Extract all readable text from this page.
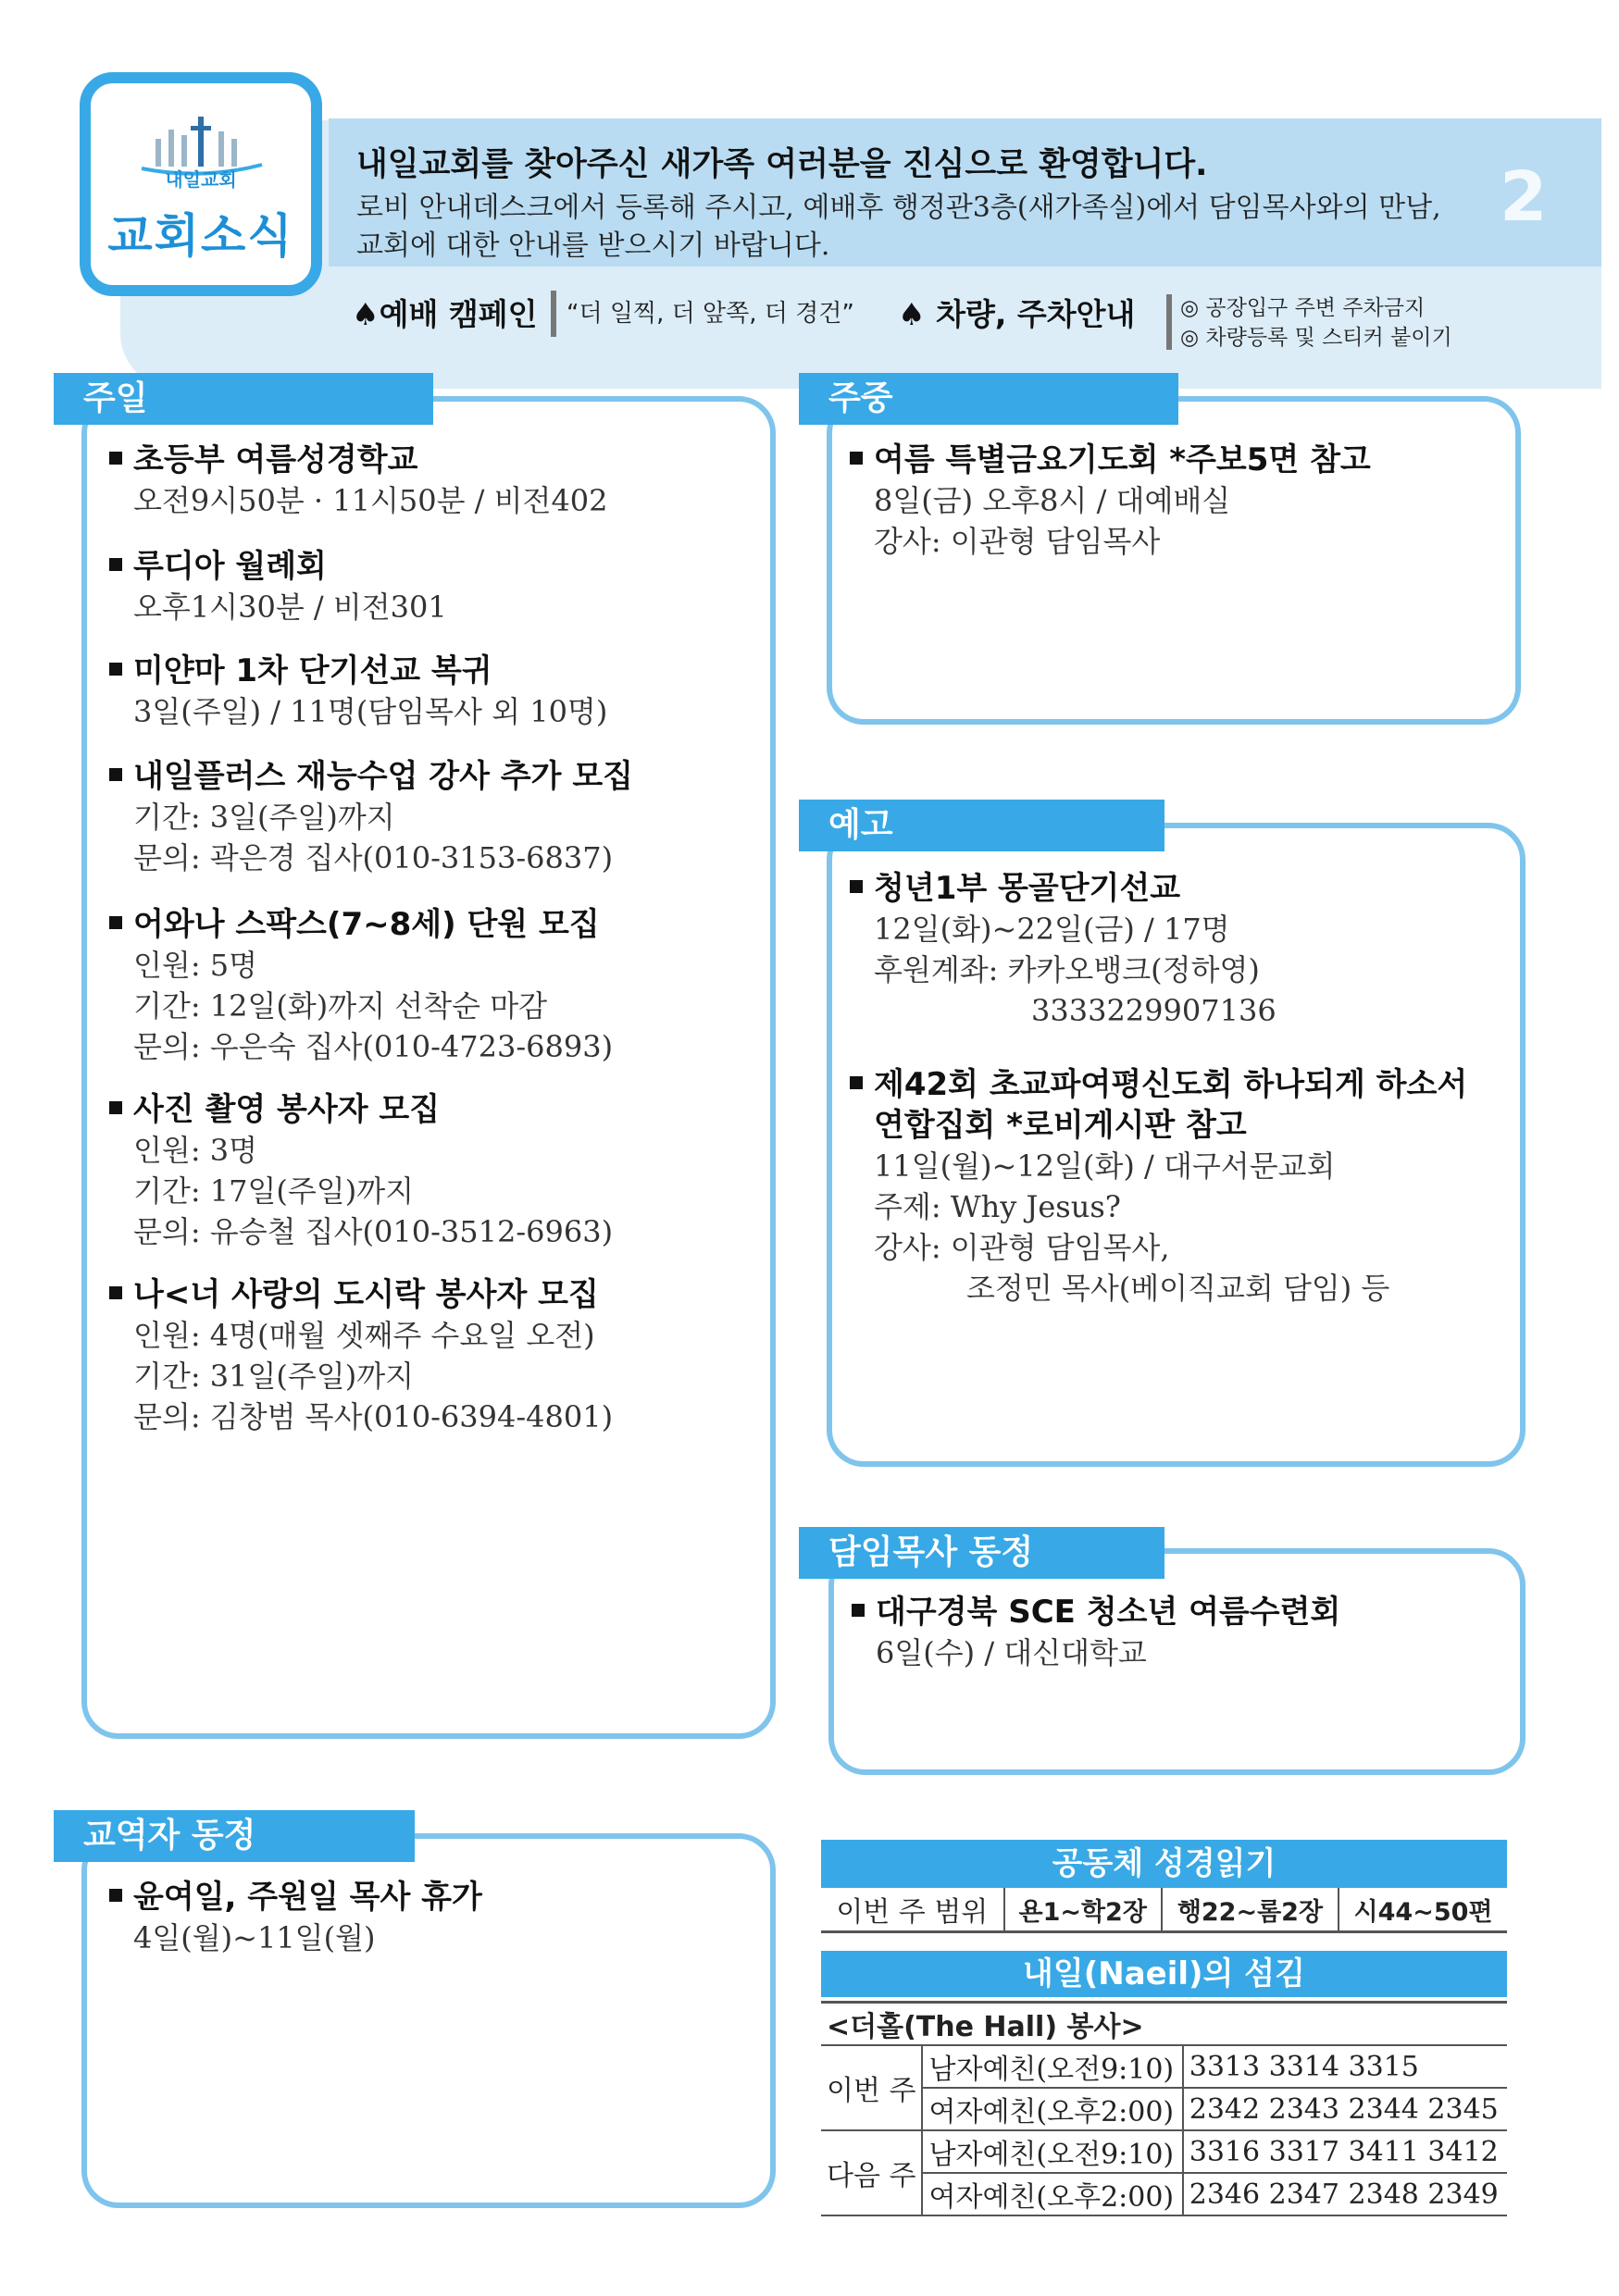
내일교회
교회소식
내일교회를 찾아주신 새가족 여러분을 진심으로 환영합니다.
로비 안내데스크에서 등록해 주시고, 예배후 행정관3층(새가족실)에서 담임목사와의 만남,
교회에 대한 안내를 받으시기 바랍니다.
2
♠예배 캠페인 “더 일찍, 더 앞쪽, 더 경건” ♠ 차량, 주차안내 ◎ 공장입구 주변 주차금지
◎ 차량등록 및 스티커 붙이기
주일
초등부 여름성경학교
오전9시50분 · 11시50분 / 비전402
루디아 월례회
오후1시30분 / 비전301
미얀마 1차 단기선교 복귀
3일(주일) / 11명(담임목사 외 10명)
내일플러스 재능수업 강사 추가 모집
기간: 3일(주일)까지
문의: 곽은경 집사(010-3153-6837)
어와나 스팍스(7~8세) 단원 모집
인원: 5명
기간: 12일(화)까지 선착순 마감
문의: 우은숙 집사(010-4723-6893)
사진 촬영 봉사자 모집
인원: 3명
기간: 17일(주일)까지
문의: 유승철 집사(010-3512-6963)
나<너 사랑의 도시락 봉사자 모집
인원: 4명(매월 셋째주 수요일 오전)
기간: 31일(주일)까지
문의: 김창범 목사(010-6394-4801)
주중
여름 특별금요기도회 *주보5면 참고
8일(금) 오후8시 / 대예배실
강사: 이관형 담임목사
예고
청년1부 몽골단기선교
12일(화)~22일(금) / 17명
후원계좌: 카카오뱅크(정하영)
3333229907136
제42회 초교파여평신도회 하나되게 하소서
연합집회 *로비게시판 참고
11일(월)~12일(화) / 대구서문교회
주제: Why Jesus?
강사: 이관형 담임목사,
조정민 목사(베이직교회 담임) 등
담임목사 동정
대구경북 SCE 청소년 여름수련회
6일(수) / 대신대학교
교역자 동정
윤여일, 주원일 목사 휴가
4일(월)~11일(월)
공동체 성경읽기
이번 주 범위	욘1~학2장	행22~롬2장	시44~50편
내일(Naeil)의 섬김
<더홀(The Hall) 봉사>		
이번 주	남자예친(오전9:10)	3313 3314 3315
	여자예친(오후2:00)	2342 2343 2344 2345
다음 주	남자예친(오전9:10)	3316 3317 3411 3412
	여자예친(오후2:00)	2346 2347 2348 2349
